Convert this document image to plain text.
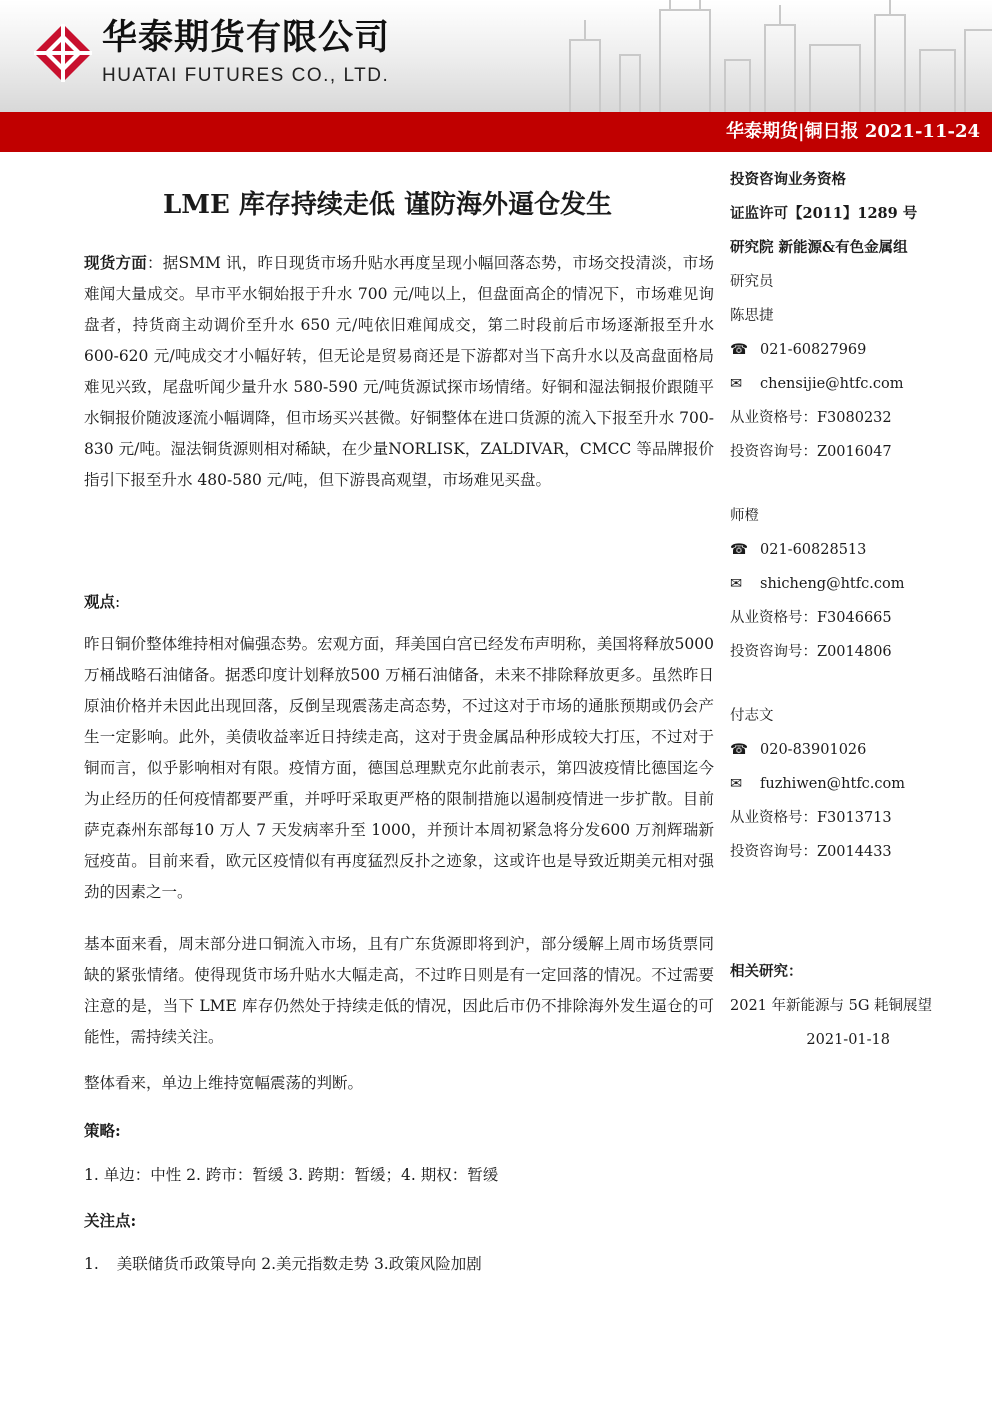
华泰期货有限公司
HUATAI FUTURES CO., LTD.
华泰期货|铜日报 2021-11-24
LME 库存持续走低 谨防海外逼仓发生

现货方面：据SMM 讯，昨日现货市场升贴水再度呈现小幅回落态势，市场交投清淡，市场难闻大量成交。早市平水铜始报于升水 700 元/吨以上，但盘面高企的情况下，市场难见询盘者，持货商主动调价至升水 650 元/吨依旧难闻成交，第二时段前后市场逐渐报至升水 600-620 元/吨成交才小幅好转，但无论是贸易商还是下游都对当下高升水以及高盘面格局难见兴致，尾盘听闻少量升水 580-590 元/吨货源试探市场情绪。好铜和湿法铜报价跟随平水铜报价随波逐流小幅调降，但市场买兴甚微。好铜整体在进口货源的流入下报至升水 700-830 元/吨。湿法铜货源则相对稀缺，在少量NORLISK，ZALDIVAR，CMCC 等品牌报价指引下报至升水 480-580 元/吨，但下游畏高观望，市场难见买盘。

观点:

昨日铜价整体维持相对偏强态势。宏观方面，拜美国白宫已经发布声明称，美国将释放5000 万桶战略石油储备。据悉印度计划释放500 万桶石油储备，未来不排除释放更多。虽然昨日原油价格并未因此出现回落，反倒呈现震荡走高态势，不过这对于市场的通胀预期或仍会产生一定影响。此外，美债收益率近日持续走高，这对于贵金属品种形成较大打压，不过对于铜而言，似乎影响相对有限。疫情方面，德国总理默克尔此前表示，第四波疫情比德国迄今为止经历的任何疫情都要严重，并呼吁采取更严格的限制措施以遏制疫情进一步扩散。目前萨克森州东部每10 万人 7 天发病率升至 1000，并预计本周初紧急将分发600 万剂辉瑞新冠疫苗。目前来看，欧元区疫情似有再度猛烈反扑之迹象，这或许也是导致近期美元相对强劲的因素之一。

基本面来看，周末部分进口铜流入市场，且有广东货源即将到沪，部分缓解上周市场货票同缺的紧张情绪。使得现货市场升贴水大幅走高，不过昨日则是有一定回落的情况。不过需要注意的是，当下 LME 库存仍然处于持续走低的情况，因此后市仍不排除海外发生逼仓的可能性，需持续关注。

整体看来，单边上维持宽幅震荡的判断。

策略:

1. 单边：中性 2. 跨市：暂缓 3. 跨期：暂缓；4. 期权：暂缓

关注点:

1. 美联储货币政策导向 2.美元指数走势 3.政策风险加剧

投资咨询业务资格
证监许可【2011】1289 号
研究院 新能源&有色金属组
研究员
陈思捷
☎ 021-60827969
✉ chensijie@htfc.com
从业资格号：F3080232
投资咨询号：Z0016047
师橙
☎ 021-60828513
✉ shicheng@htfc.com
从业资格号：F3046665
投资咨询号：Z0014806
付志文
☎ 020-83901026
✉ fuzhiwen@htfc.com
从业资格号：F3013713
投资咨询号：Z0014433
相关研究：
2021 年新能源与 5G 耗铜展望
2021-01-18
